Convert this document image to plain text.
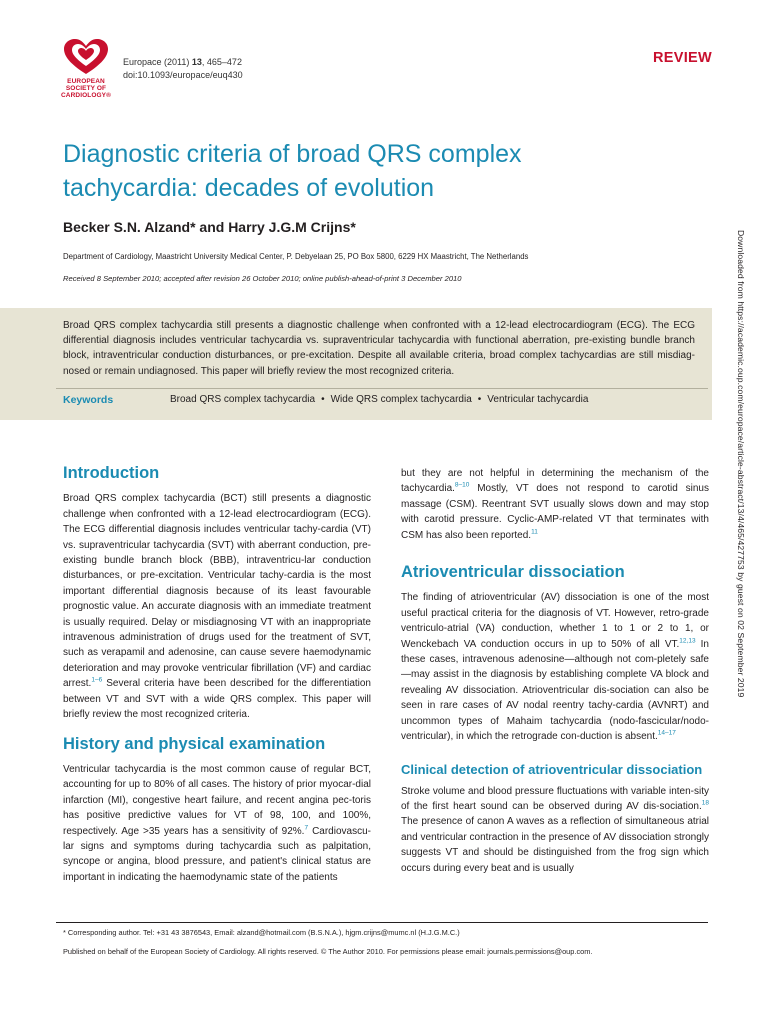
EUROPEAN SOCIETY OF CARDIOLOGY®
Europace (2011) 13, 465–472
doi:10.1093/europace/euq430
REVIEW
Diagnostic criteria of broad QRS complex
tachycardia: decades of evolution
Becker S.N. Alzand* and Harry J.G.M Crijns*
Department of Cardiology, Maastricht University Medical Center, P. Debyelaan 25, PO Box 5800, 6229 HX Maastricht, The Netherlands
Received 8 September 2010; accepted after revision 26 October 2010; online publish-ahead-of-print 3 December 2010
Broad QRS complex tachycardia still presents a diagnostic challenge when confronted with a 12-lead electrocardiogram (ECG). The ECG differential diagnosis includes ventricular tachycardia vs. supraventricular tachycardia with functional aberration, pre-existing bundle branch block, intraventricular conduction disturbances, or pre-excitation. Despite all available criteria, broad complex tachycardias are still misdiag-nosed or remain undiagnosed. This paper will briefly review the most recognized criteria.
Keywords	Broad QRS complex tachycardia • Wide QRS complex tachycardia • Ventricular tachycardia
Introduction

Broad QRS complex tachycardia (BCT) still presents a diagnostic challenge when confronted with a 12-lead electrocardiogram (ECG). The ECG differential diagnosis includes ventricular tachy-cardia (VT) vs. supraventricular tachycardia (SVT) with aberrant conduction, pre-existing bundle branch block (BBB), intraventricu-lar conduction disturbances, or pre-excitation. Ventricular tachy-cardia is the most important differential diagnosis because of its least favourable prognostic value. An accurate diagnosis with an immediate treatment is usually required. Delay or misdiagnosing VT with an inappropriate intravenous administration of drugs used for the treatment of SVT, such as verapamil and adenosine, can cause severe haemodynamic deterioration and may provoke ventricular fibrillation (VF) and cardiac arrest.$^{1-6}$ Several criteria have been described for the differentiation between VT and SVT with a wide QRS complex. This paper will briefly review the most recognized criteria.

History and physical examination

Ventricular tachycardia is the most common cause of regular BCT, accounting for up to 80% of all cases. The history of prior myocar-dial infarction (MI), congestive heart failure, and recent angina pec-toris has positive predictive values for VT of 98, 100, and 100%, respectively. Age >35 years has a sensitivity of 92%.$^7$ Cardiovascu-lar signs and symptoms during tachycardia such as palpitation, syncope or angina, blood pressure, and patient's clinical status are important in indicating the haemodynamic state of the patients

but they are not helpful in determining the mechanism of the tachycardia.$^{8-10}$ Mostly, VT does not respond to carotid sinus massage (CSM). Reentrant SVT usually slows down and may stop with carotid pressure. Cyclic-AMP-related VT that terminates with CSM has also been reported.$^{11}$

Atrioventricular dissociation

The finding of atrioventricular (AV) dissociation is one of the most useful practical criteria for the diagnosis of VT. However, retro-grade ventriculo-atrial (VA) conduction, whether 1 to 1 or 2 to 1, or Wenckebach VA conduction occurs in up to 50% of all VT.$^{12,13}$ In these cases, intravenous adenosine—although not com-pletely safe—may assist in the diagnosis by establishing complete VA block and revealing AV dissociation. Atrioventricular dis-sociation can also be seen in rare cases of AV nodal reentry tachy-cardia (AVNRT) and uncommon types of Mahaim tachycardia (nodo-fascicular/nodo-ventricular), in which the retrograde con-duction is absent.$^{14-17}$

Clinical detection of atrioventricular dissociation

Stroke volume and blood pressure fluctuations with variable inten-sity of the first heart sound can be observed during AV dis-sociation.$^{18}$ The presence of canon A waves as a reflection of simultaneous atrial and ventricular contraction in the presence of AV dissociation strongly suggests VT and should be distinguished from the frog sign which occurs during every beat and is usually

Downloaded from https://academic.oup.com/europace/article-abstract/13/4/465/427753 by guest on 02 September 2019
* Corresponding author. Tel: +31 43 3876543, Email: alzand@hotmail.com (B.S.N.A.), hjgm.crijns@mumc.nl (H.J.G.M.C.)
Published on behalf of the European Society of Cardiology. All rights reserved. © The Author 2010. For permissions please email: journals.permissions@oup.com.
